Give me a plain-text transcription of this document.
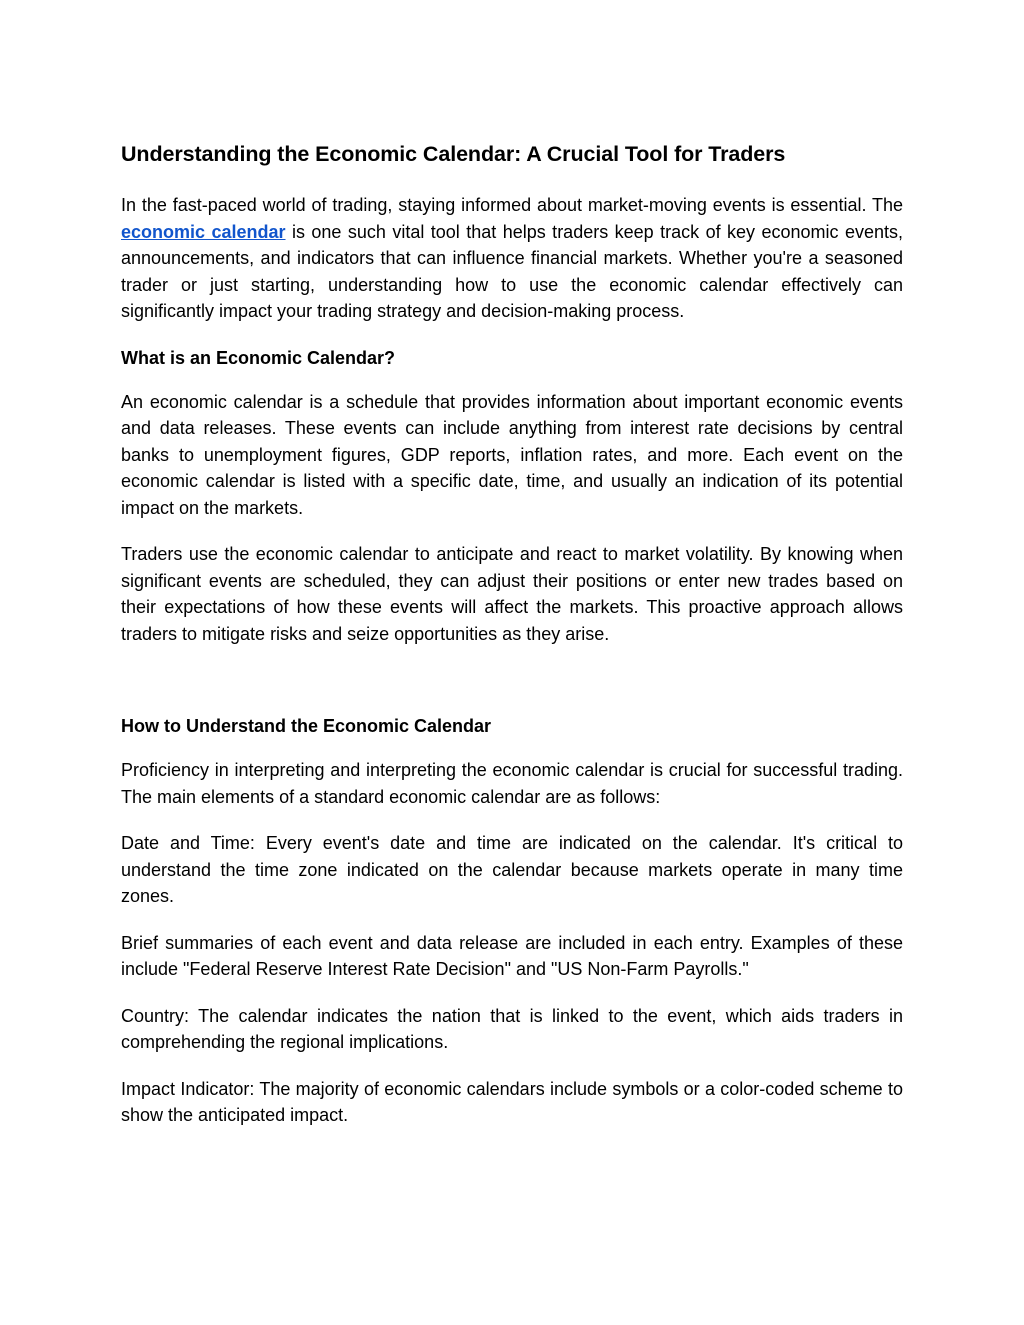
Understanding the Economic Calendar: A Crucial Tool for Traders

In the fast-paced world of trading, staying informed about market-moving events is essential. The economic calendar is one such vital tool that helps traders keep track of key economic events, announcements, and indicators that can influence financial markets. Whether you're a seasoned trader or just starting, understanding how to use the economic calendar effectively can significantly impact your trading strategy and decision-making process.

What is an Economic Calendar?

An economic calendar is a schedule that provides information about important economic events and data releases. These events can include anything from interest rate decisions by central banks to unemployment figures, GDP reports, inflation rates, and more. Each event on the economic calendar is listed with a specific date, time, and usually an indication of its potential impact on the markets.

Traders use the economic calendar to anticipate and react to market volatility. By knowing when significant events are scheduled, they can adjust their positions or enter new trades based on their expectations of how these events will affect the markets. This proactive approach allows traders to mitigate risks and seize opportunities as they arise.

How to Understand the Economic Calendar

Proficiency in interpreting and interpreting the economic calendar is crucial for successful trading. The main elements of a standard economic calendar are as follows:

Date and Time: Every event's date and time are indicated on the calendar. It's critical to understand the time zone indicated on the calendar because markets operate in many time zones.

Brief summaries of each event and data release are included in each entry. Examples of these include "Federal Reserve Interest Rate Decision" and "US Non-Farm Payrolls."

Country: The calendar indicates the nation that is linked to the event, which aids traders in comprehending the regional implications.

Impact Indicator: The majority of economic calendars include symbols or a color-coded scheme to show the anticipated impact.
